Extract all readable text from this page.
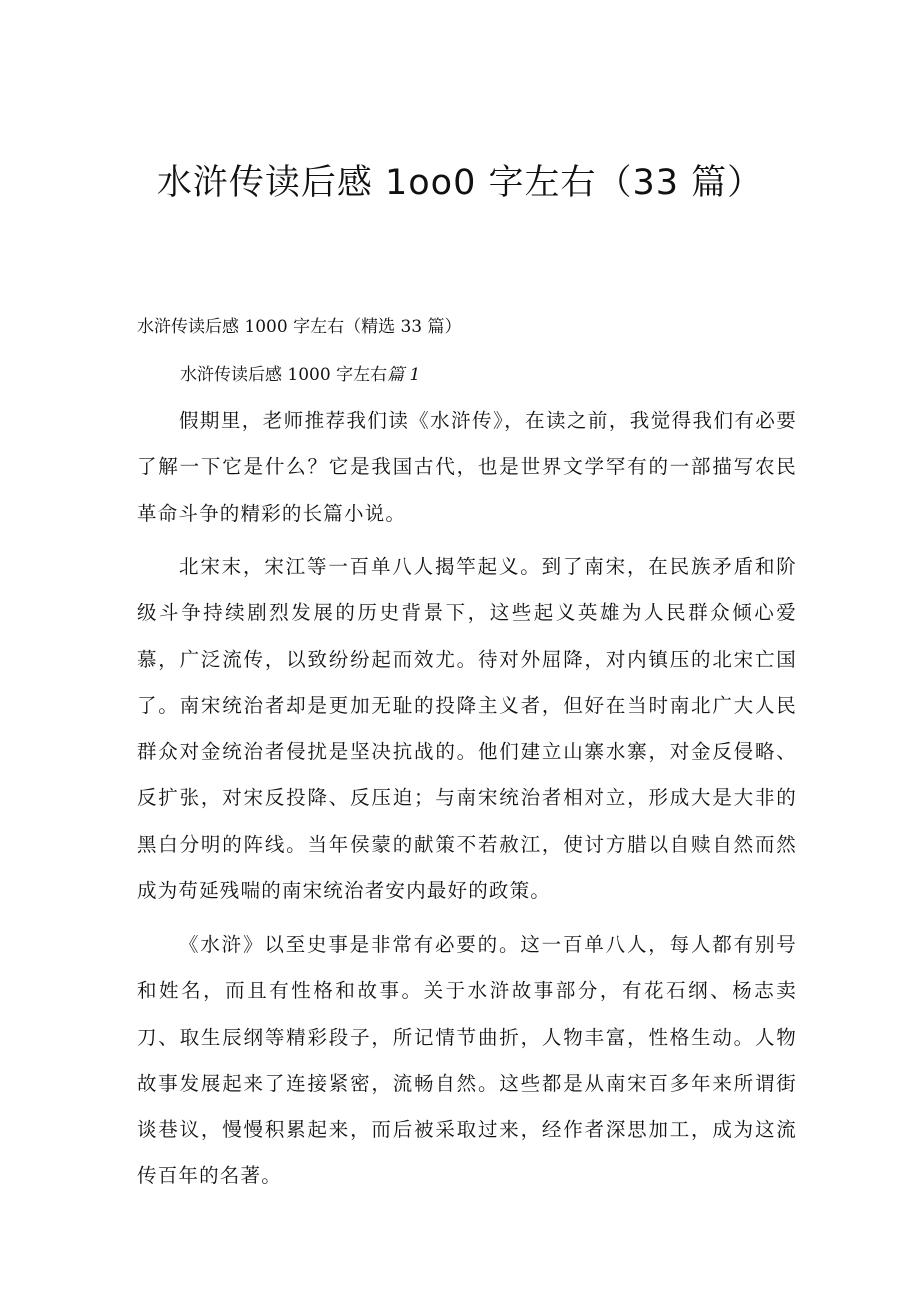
水浒传读后感 1oo0 字左右（33 篇）

水浒传读后感 1000 字左右（精选 33 篇）

水浒传读后感 1000 字左右篇 1

假期里，老师推荐我们读《水浒传》，在读之前，我觉得我们有必要了解一下它是什么？它是我国古代，也是世界文学罕有的一部描写农民革命斗争的精彩的长篇小说。

北宋末，宋江等一百单八人揭竿起义。到了南宋，在民族矛盾和阶级斗争持续剧烈发展的历史背景下，这些起义英雄为人民群众倾心爱慕，广泛流传，以致纷纷起而效尤。待对外屈降，对内镇压的北宋亡国了。南宋统治者却是更加无耻的投降主义者，但好在当时南北广大人民群众对金统治者侵扰是坚决抗战的。他们建立山寨水寨，对金反侵略、反扩张，对宋反投降、反压迫；与南宋统治者相对立，形成大是大非的黑白分明的阵线。当年侯蒙的献策不若赦江，使讨方腊以自赎自然而然成为苟延残喘的南宋统治者安内最好的政策。

《水浒》以至史事是非常有必要的。这一百单八人，每人都有别号和姓名，而且有性格和故事。关于水浒故事部分，有花石纲、杨志卖刀、取生辰纲等精彩段子，所记情节曲折，人物丰富，性格生动。人物故事发展起来了连接紧密，流畅自然。这些都是从南宋百多年来所谓街谈巷议，慢慢积累起来，而后被采取过来，经作者深思加工，成为这流传百年的名著。
